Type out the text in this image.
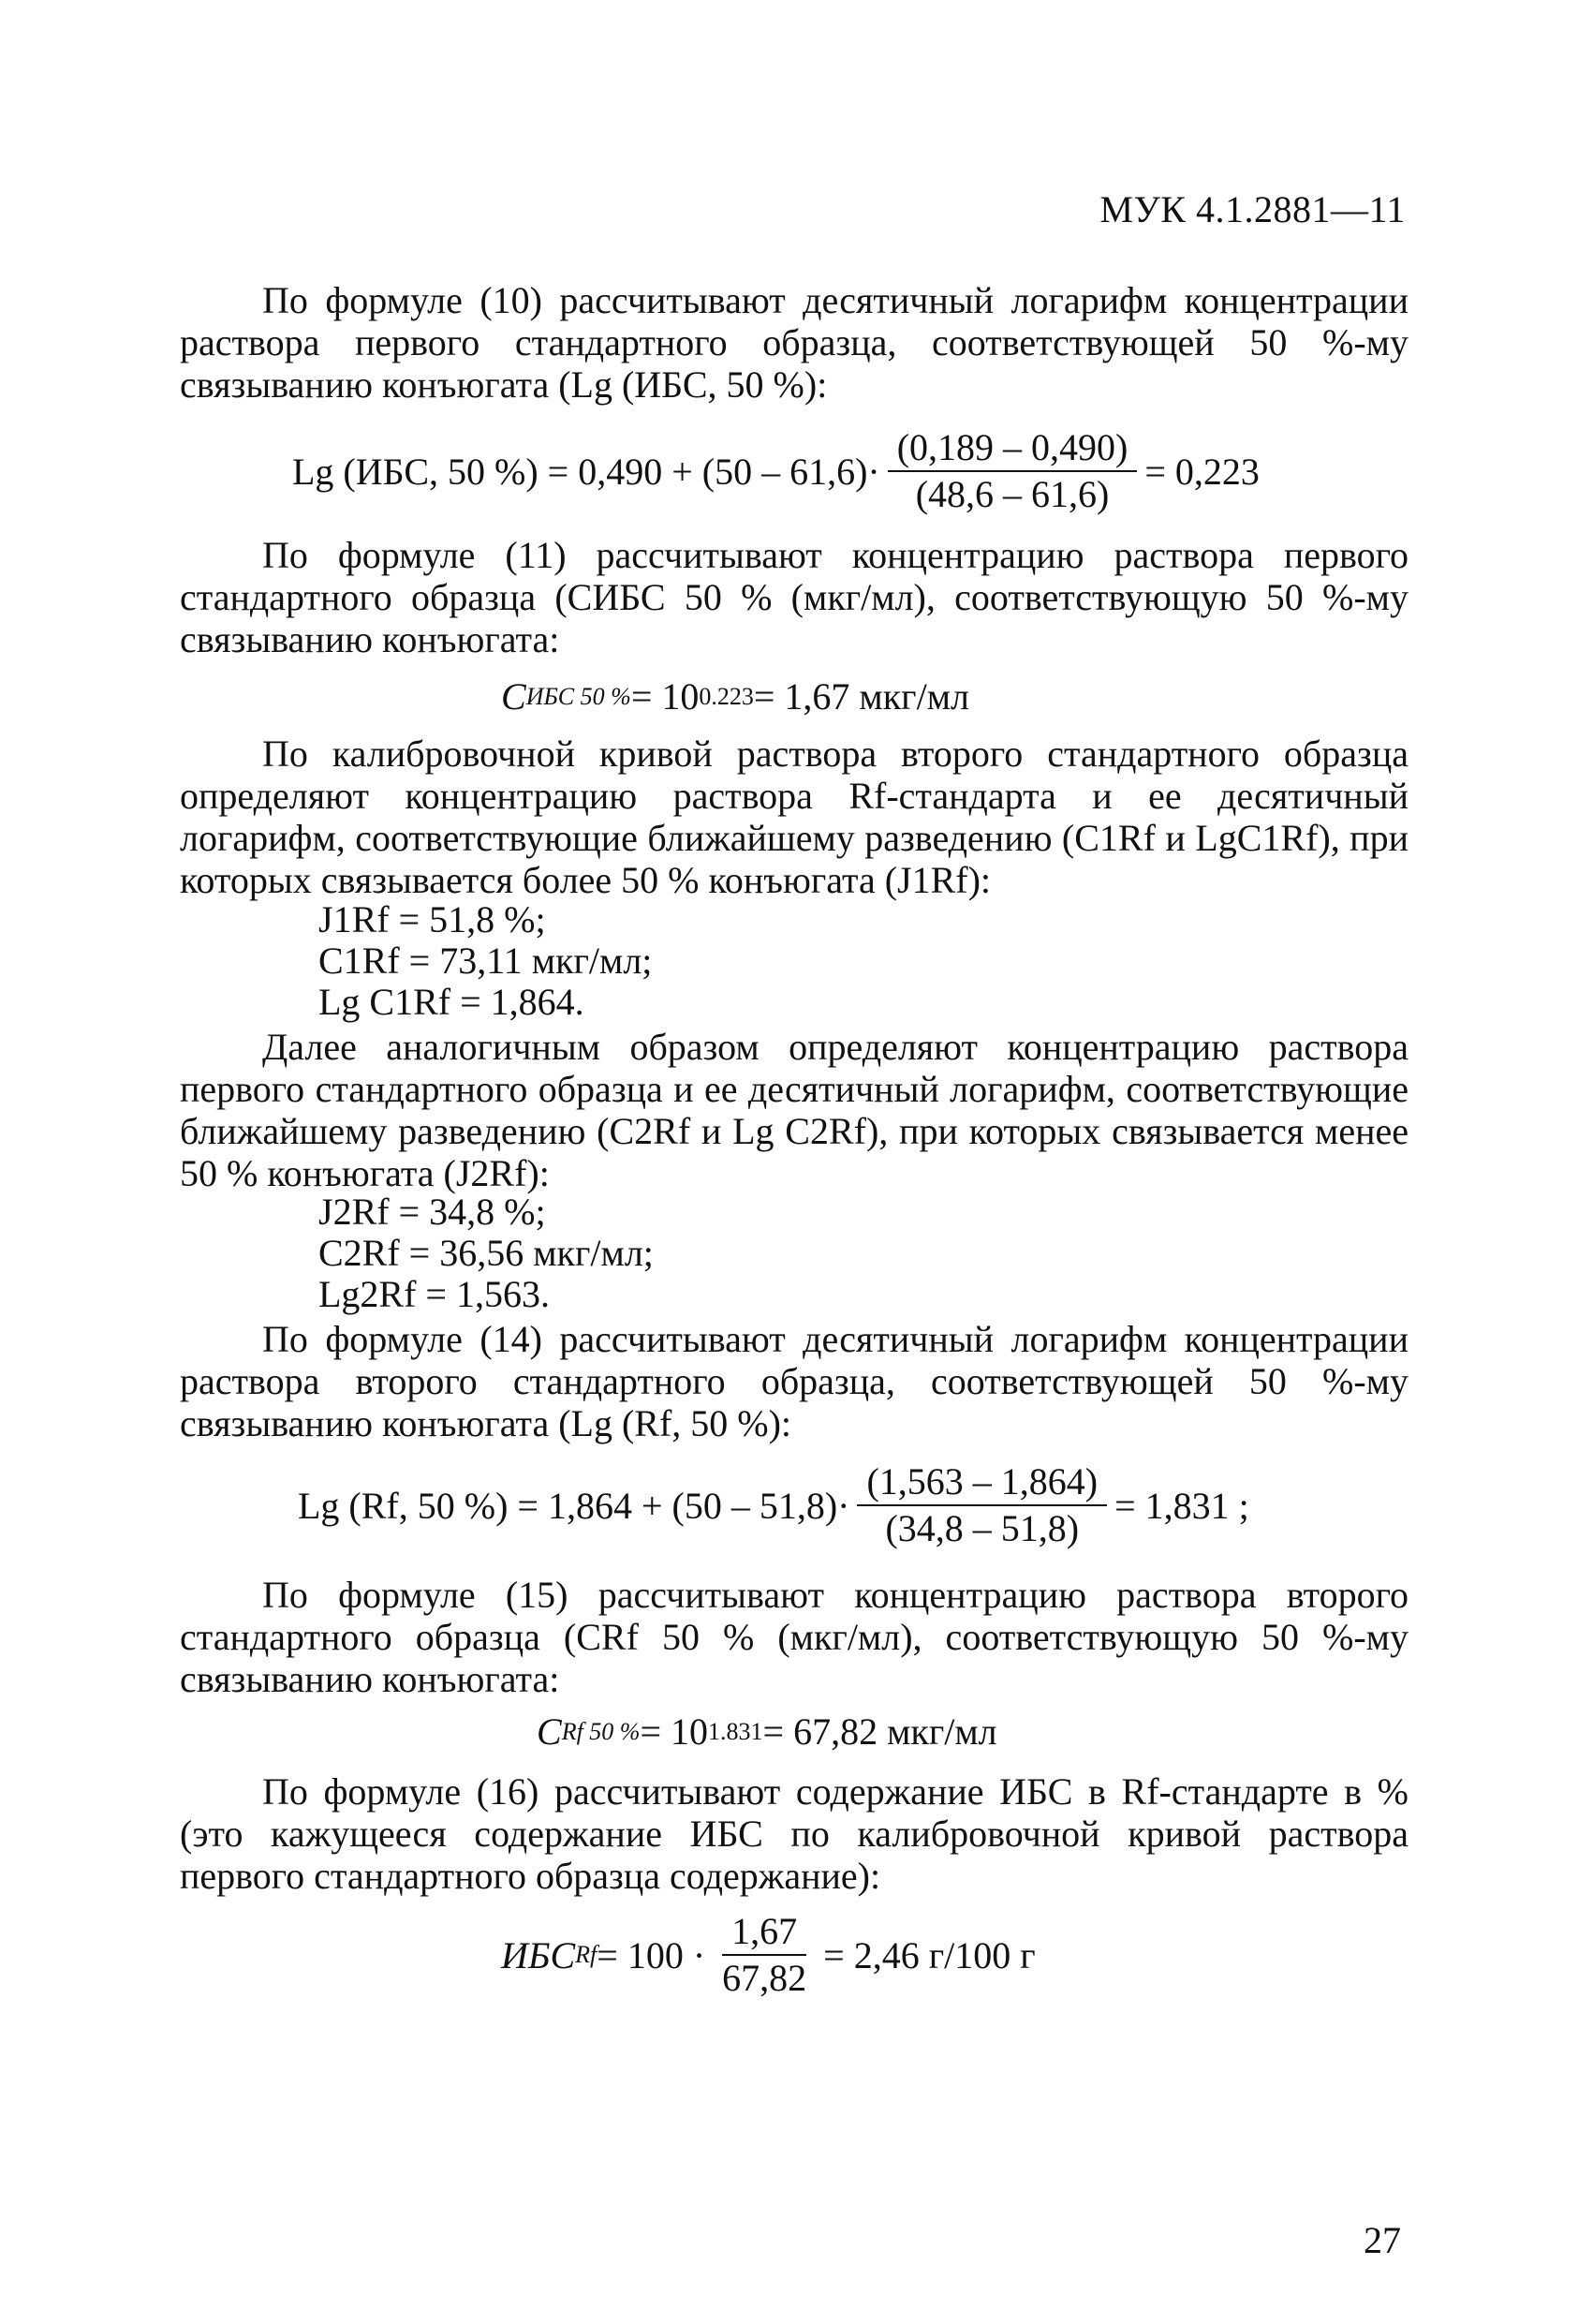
МУК 4.1.2881—11
По формуле (10) рассчитывают десятичный логарифм концентрации раствора первого стандартного образца, соответствующей 50 %-му связыванию конъюгата (Lg (ИБС, 50 %):
Lg (ИБС, 50 %) = $0,490 + (50 - 61,6)\cdot \frac{(0,189 - 0,490)}{(48,6 - 61,6)} = 0,223$
По формуле (11) рассчитывают концентрацию раствора первого стандартного образца (CИБС 50 % (мкг/мл), соответствующую 50 %-му связыванию конъюгата:
C ИБС 50 % = 10 0.223 = 1,67 мкг/мл
По калибровочной кривой раствора второго стандартного образца определяют концентрацию раствора Rf-стандарта и ее десятичный логарифм, соответствующие ближайшему разведению (C1Rf и LgC1Rf), при которых связывается более 50 % конъюгата (J1Rf):
J1Rf = 51,8 %;
C1Rf = 73,11 мкг/мл;
Lg C1Rf = 1,864.
Далее аналогичным образом определяют концентрацию раствора первого стандартного образца и ее десятичный логарифм, соответствующие ближайшему разведению (C2Rf и Lg C2Rf), при которых связывается менее 50 % конъюгата (J2Rf):
J2Rf = 34,8 %;
C2Rf = 36,56 мкг/мл;
Lg2Rf = 1,563.
По формуле (14) рассчитывают десятичный логарифм концентрации раствора второго стандартного образца, соответствующей 50 %-му связыванию конъюгата (Lg (Rf, 50 %):
Lg (Rf, 50 %) = $1,864 + (50 - 51,8)\cdot \frac{(1,563 - 1,864)}{(34,8 - 51,8)} = 1,831$ ;
По формуле (15) рассчитывают концентрацию раствора второго стандартного образца (CRf 50 % (мкг/мл), соответствующую 50 %-му связыванию конъюгата:
C Rf 50 % = 10 1.831 = 67,82 мкг/мл
По формуле (16) рассчитывают содержание ИБС в Rf-стандарте в % (это кажущееся содержание ИБС по калибровочной кривой раствора первого стандартного образца содержание):
ИБС $Rf = 100 \cdot \frac{1,67}{67,82} = 2,46$ г/100 г
27
